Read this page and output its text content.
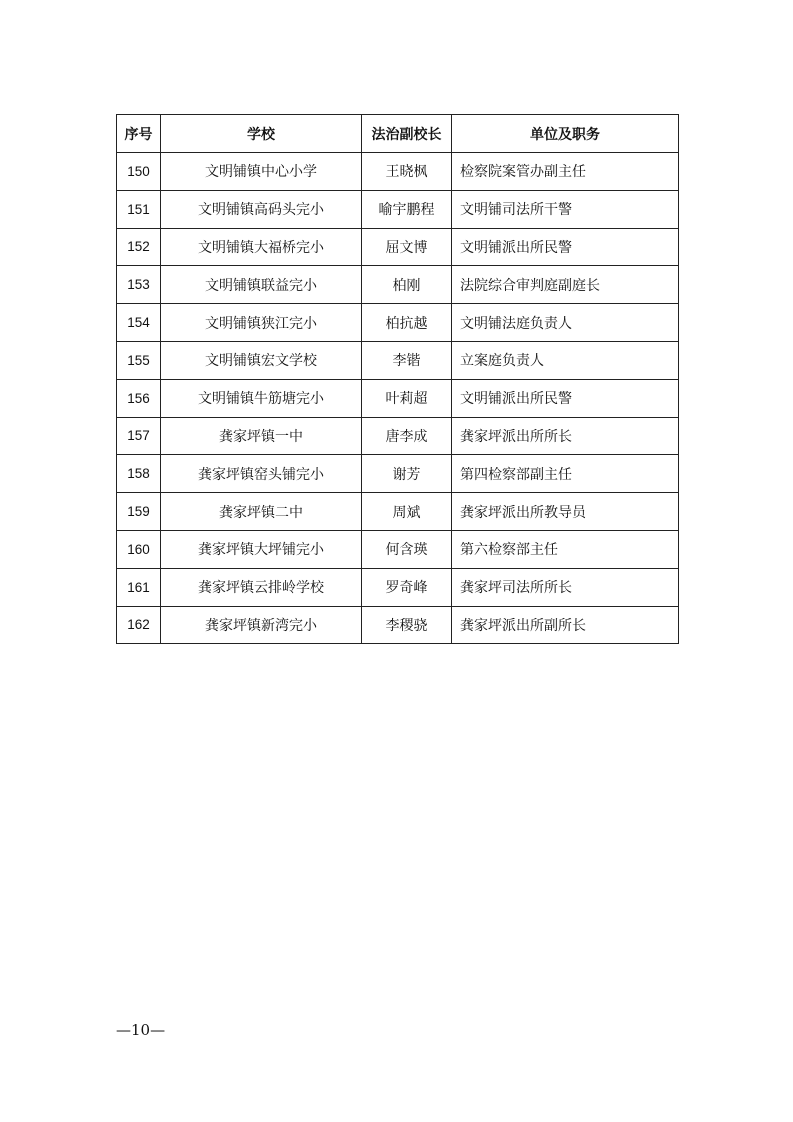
序号	学校	法治副校长	单位及职务
150	文明铺镇中心小学	王晓枫	检察院案管办副主任
151	文明铺镇高码头完小	喻宇鹏程	文明铺司法所干警
152	文明铺镇大福桥完小	屈文博	文明铺派出所民警
153	文明铺镇联益完小	柏刚	法院综合审判庭副庭长
154	文明铺镇狭江完小	柏抗越	文明铺法庭负责人
155	文明铺镇宏文学校	李锴	立案庭负责人
156	文明铺镇牛筋塘完小	叶莉超	文明铺派出所民警
157	龚家坪镇一中	唐李成	龚家坪派出所所长
158	龚家坪镇窑头铺完小	谢芳	第四检察部副主任
159	龚家坪镇二中	周斌	龚家坪派出所教导员
160	龚家坪镇大坪铺完小	何含瑛	第六检察部主任
161	龚家坪镇云排岭学校	罗奇峰	龚家坪司法所所长
162	龚家坪镇新湾完小	李稷骁	龚家坪派出所副所长
—10—
